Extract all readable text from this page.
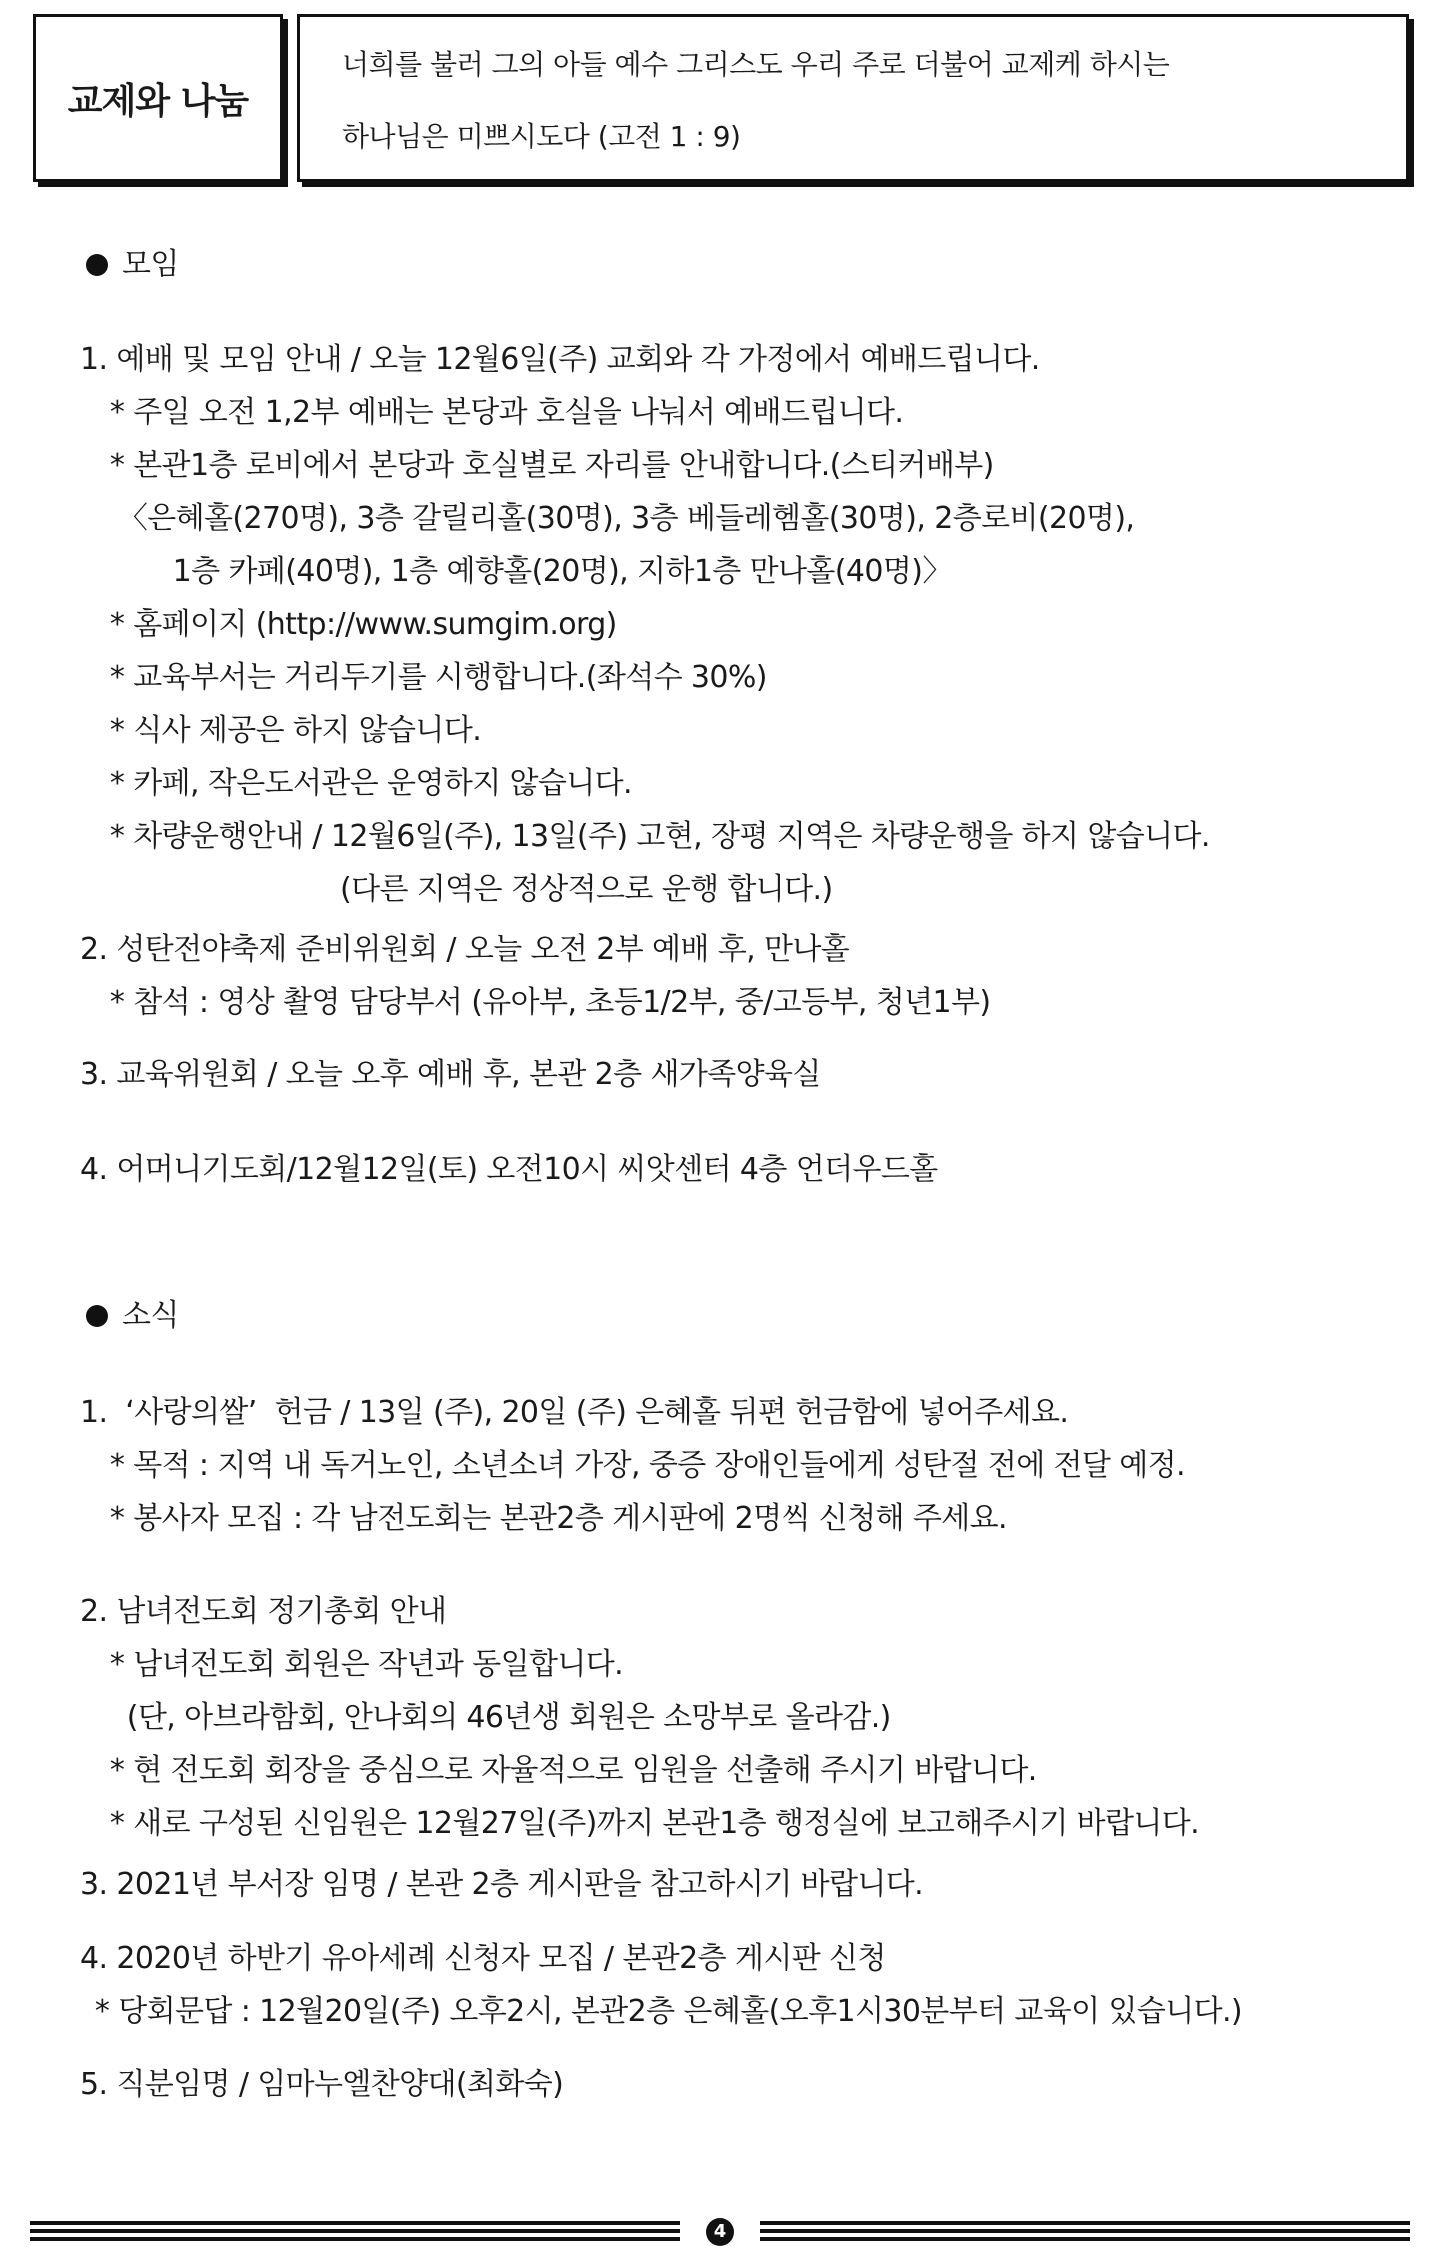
교제와 나눔
너희를 불러 그의 아들 예수 그리스도 우리 주로 더불어 교제케 하시는
하나님은 미쁘시도다 (고전 1 : 9)
모임
1. 예배 및 모임 안내 / 오늘 12월6일(주) 교회와 각 가정에서 예배드립니다.
* 주일 오전 1,2부 예배는 본당과 호실을 나눠서 예배드립니다.
* 본관1층 로비에서 본당과 호실별로 자리를 안내합니다.(스티커배부)
〈은혜홀(270명), 3층 갈릴리홀(30명), 3층 베들레헴홀(30명), 2층로비(20명),
1층 카페(40명), 1층 예향홀(20명), 지하1층 만나홀(40명)〉
* 홈페이지 (http://www.sumgim.org)
* 교육부서는 거리두기를 시행합니다.(좌석수 30%)
* 식사 제공은 하지 않습니다.
* 카페, 작은도서관은 운영하지 않습니다.
* 차량운행안내 / 12월6일(주), 13일(주) 고현, 장평 지역은 차량운행을 하지 않습니다.
(다른 지역은 정상적으로 운행 합니다.)
2. 성탄전야축제 준비위원회 / 오늘 오전 2부 예배 후, 만나홀
* 참석 : 영상 촬영 담당부서 (유아부, 초등1/2부, 중/고등부, 청년1부)
3. 교육위원회 / 오늘 오후 예배 후, 본관 2층 새가족양육실
4. 어머니기도회/12월12일(토) 오전10시 씨앗센터 4층 언더우드홀
소식
1.  ‘사랑의쌀’  헌금 / 13일 (주), 20일 (주) 은혜홀 뒤편 헌금함에 넣어주세요.
* 목적 : 지역 내 독거노인, 소년소녀 가장, 중증 장애인들에게 성탄절 전에 전달 예정.
* 봉사자 모집 : 각 남전도회는 본관2층 게시판에 2명씩 신청해 주세요.
2. 남녀전도회 정기총회 안내
* 남녀전도회 회원은 작년과 동일합니다.
(단, 아브라함회, 안나회의 46년생 회원은 소망부로 올라감.)
* 현 전도회 회장을 중심으로 자율적으로 임원을 선출해 주시기 바랍니다.
* 새로 구성된 신임원은 12월27일(주)까지 본관1층 행정실에 보고해주시기 바랍니다.
3. 2021년 부서장 임명 / 본관 2층 게시판을 참고하시기 바랍니다.
4. 2020년 하반기 유아세례 신청자 모집 / 본관2층 게시판 신청
* 당회문답 : 12월20일(주) 오후2시, 본관2층 은혜홀(오후1시30분부터 교육이 있습니다.)
5. 직분임명 / 임마누엘찬양대(최화숙)
4
